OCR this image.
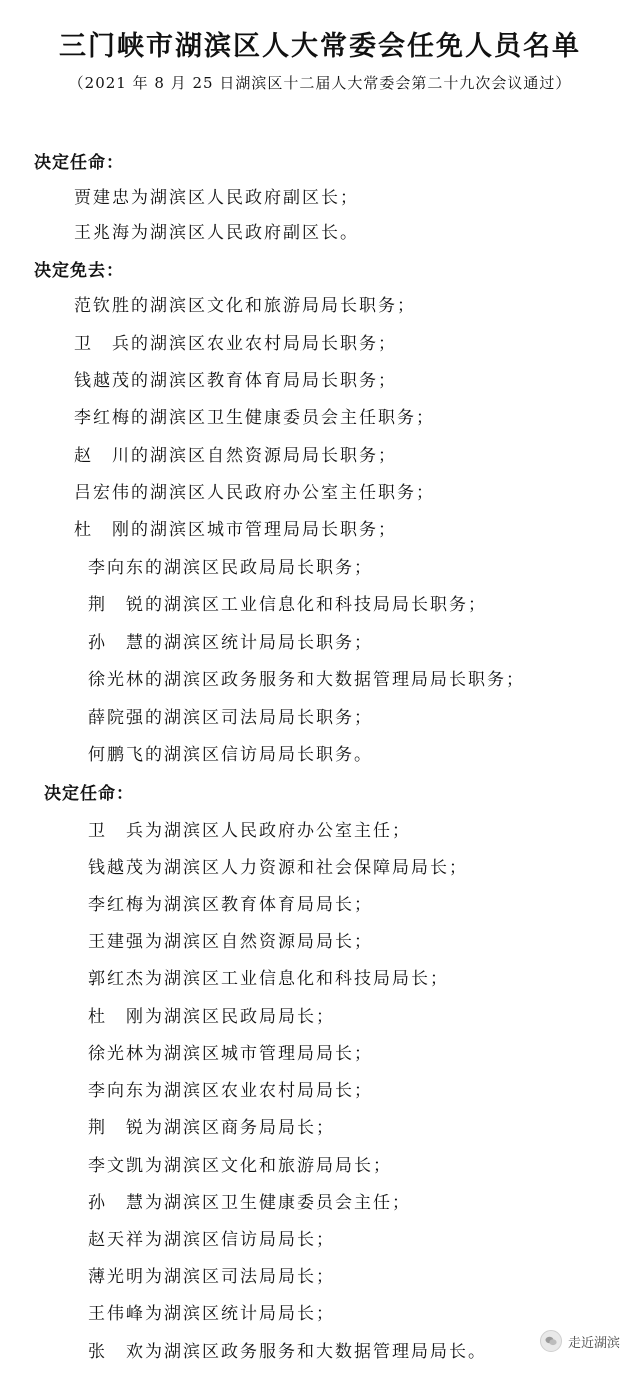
三门峡市湖滨区人大常委会任免人员名单
（2021 年 8 月 25 日湖滨区十二届人大常委会第二十九次会议通过）
决定任命：
贾建忠为湖滨区人民政府副区长；
王兆海为湖滨区人民政府副区长。
决定免去：
范钦胜的湖滨区文化和旅游局局长职务；
卫　兵的湖滨区农业农村局局长职务；
钱越茂的湖滨区教育体育局局长职务；
李红梅的湖滨区卫生健康委员会主任职务；
赵　川的湖滨区自然资源局局长职务；
吕宏伟的湖滨区人民政府办公室主任职务；
杜　刚的湖滨区城市管理局局长职务；
李向东的湖滨区民政局局长职务；
荆　锐的湖滨区工业信息化和科技局局长职务；
孙　慧的湖滨区统计局局长职务；
徐光林的湖滨区政务服务和大数据管理局局长职务；
薛院强的湖滨区司法局局长职务；
何鹏飞的湖滨区信访局局长职务。
决定任命：
卫　兵为湖滨区人民政府办公室主任；
钱越茂为湖滨区人力资源和社会保障局局长；
李红梅为湖滨区教育体育局局长；
王建强为湖滨区自然资源局局长；
郭红杰为湖滨区工业信息化和科技局局长；
杜　刚为湖滨区民政局局长；
徐光林为湖滨区城市管理局局长；
李向东为湖滨区农业农村局局长；
荆　锐为湖滨区商务局局长；
李文凯为湖滨区文化和旅游局局长；
孙　慧为湖滨区卫生健康委员会主任；
赵天祥为湖滨区信访局局长；
薄光明为湖滨区司法局局长；
王伟峰为湖滨区统计局局长；
张　欢为湖滨区政务服务和大数据管理局局长。	走近湖滨
